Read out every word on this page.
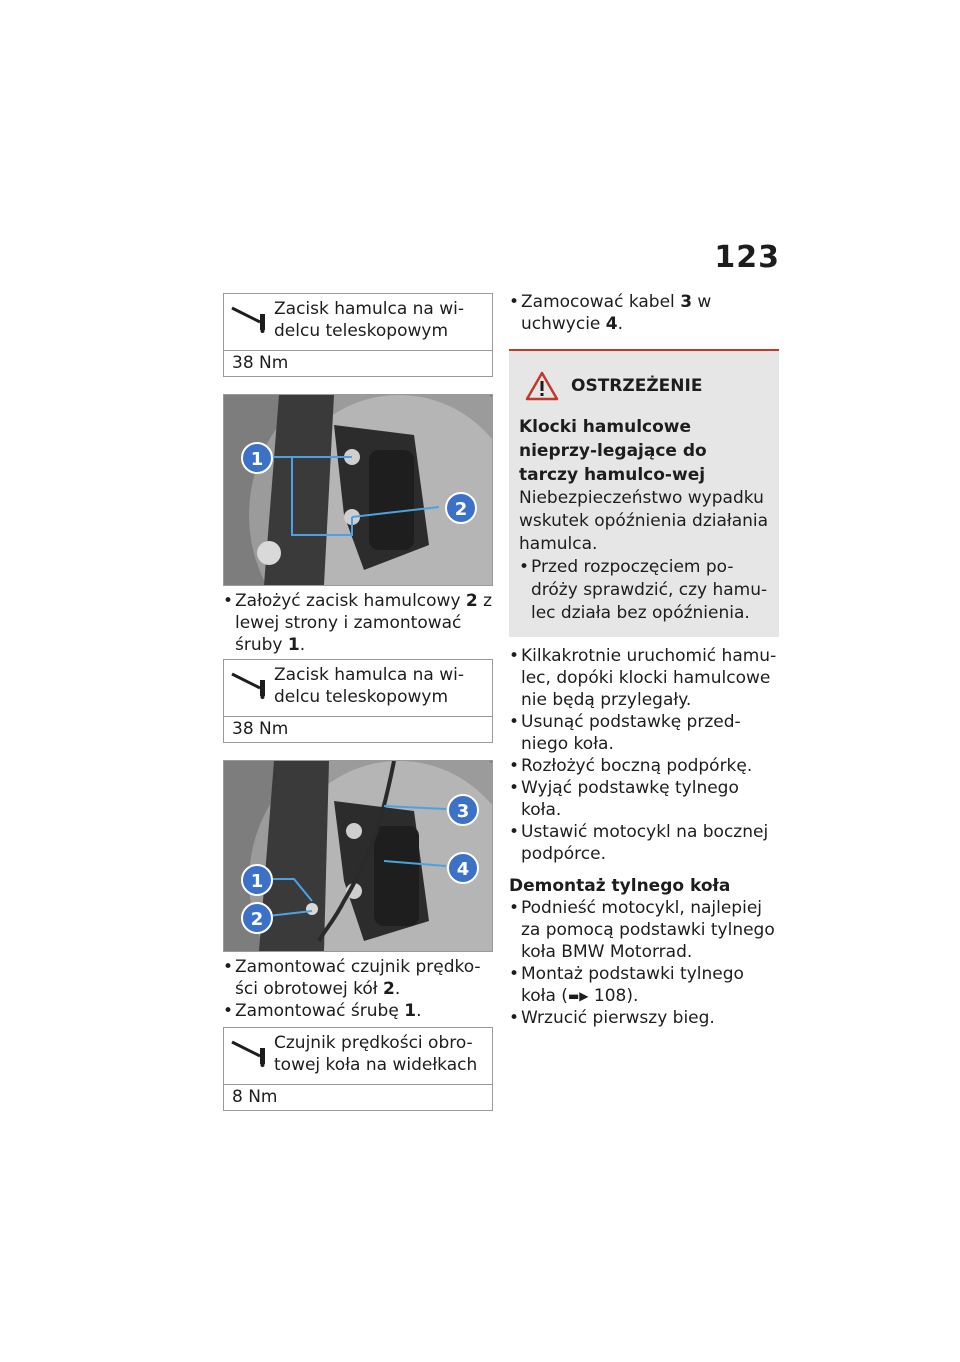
123
Zacisk hamulca na wi-delcu teleskopowym
38 Nm
1
2
• Założyć zacisk hamulcowy 2 z lewej strony i zamontować śruby 1.
Zacisk hamulca na wi-delcu teleskopowym
38 Nm
1
2
3
4
• Zamontować czujnik prędko-ści obrotowej kół 2.
• Zamontować śrubę 1.
Czujnik prędkości obro-towej koła na widełkach
8 Nm
• Zamocować kabel 3 w uchwycie 4.
OSTRZEŻENIE
Klocki hamulcowe nieprzy-legające do tarczy hamulco-wej
Niebezpieczeństwo wypadku wskutek opóźnienia działania hamulca.
• Przed rozpoczęciem po-dróży sprawdzić, czy hamu-lec działa bez opóźnienia.
• Kilkakrotnie uruchomić hamu-lec, dopóki klocki hamulcowe nie będą przylegały.
• Usunąć podstawkę przed-niego koła.
• Rozłożyć boczną podpórkę.
• Wyjąć podstawkę tylnego koła.
• Ustawić motocykl na bocznej podpórce.
Demontaż tylnego koła
• Podnieść motocykl, najlepiej za pomocą podstawki tylnego koła BMW Motorrad.
• Montaż podstawki tylnego
koła (▬▶ 108).
• Wrzucić pierwszy bieg.
